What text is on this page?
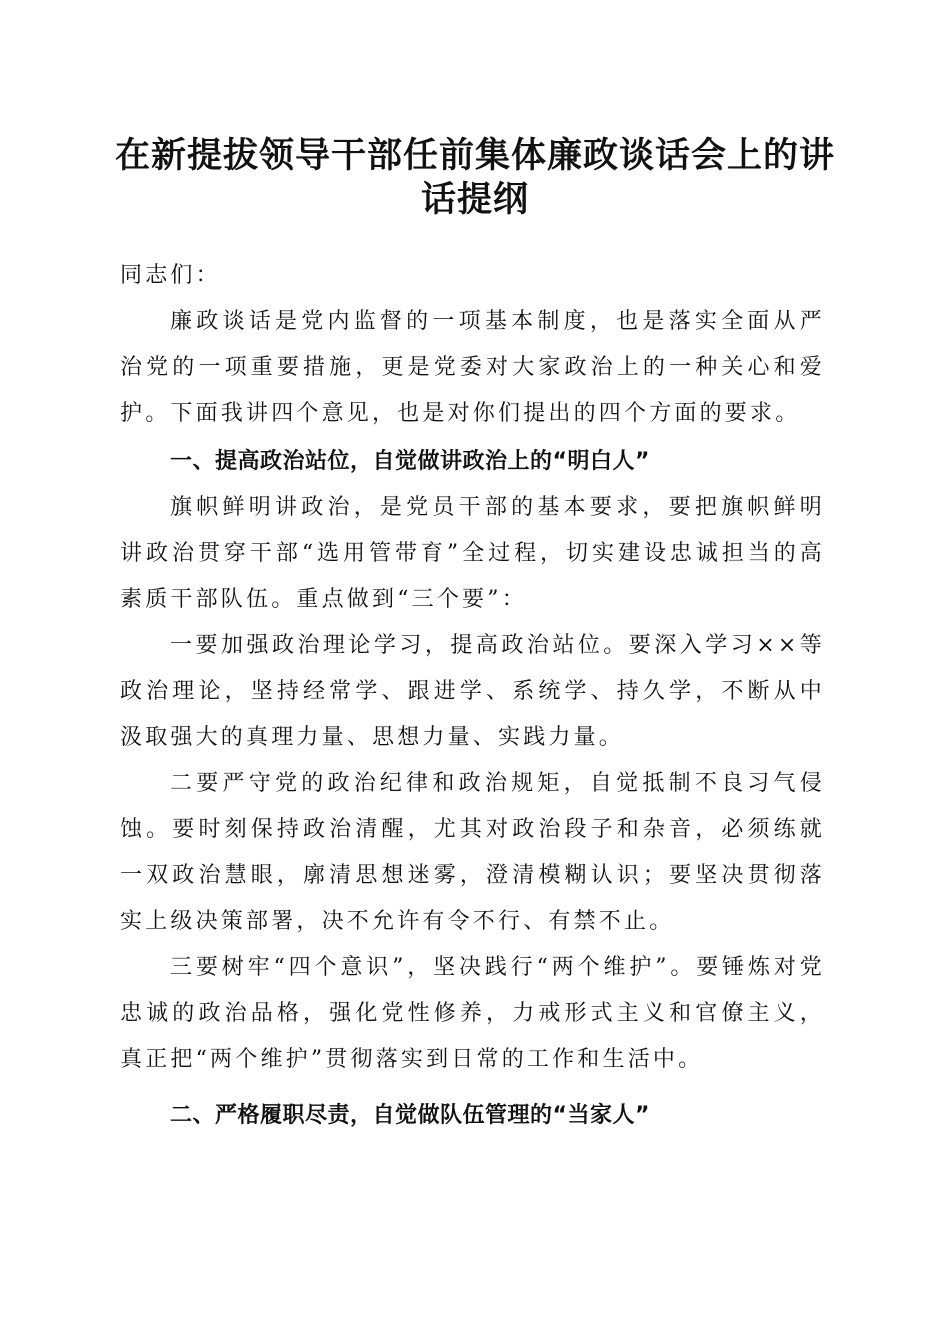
在新提拔领导干部任前集体廉政谈话会上的讲话提纲

同志们：

廉政谈话是党内监督的一项基本制度，也是落实全面从严治党的一项重要措施，更是党委对大家政治上的一种关心和爱护。下面我讲四个意见，也是对你们提出的四个方面的要求。

一、提高政治站位，自觉做讲政治上的“明白人”

旗帜鲜明讲政治，是党员干部的基本要求，要把旗帜鲜明讲政治贯穿干部“选用管带育”全过程，切实建设忠诚担当的高素质干部队伍。重点做到“三个要”：

一要加强政治理论学习，提高政治站位。要深入学习××等政治理论，坚持经常学、跟进学、系统学、持久学，不断从中汲取强大的真理力量、思想力量、实践力量。

二要严守党的政治纪律和政治规矩，自觉抵制不良习气侵蚀。要时刻保持政治清醒，尤其对政治段子和杂音，必须练就一双政治慧眼，廓清思想迷雾，澄清模糊认识；要坚决贯彻落实上级决策部署，决不允许有令不行、有禁不止。

三要树牢“四个意识”，坚决践行“两个维护”。要锤炼对党忠诚的政治品格，强化党性修养，力戒形式主义和官僚主义，真正把“两个维护”贯彻落实到日常的工作和生活中。

二、严格履职尽责，自觉做队伍管理的“当家人”
